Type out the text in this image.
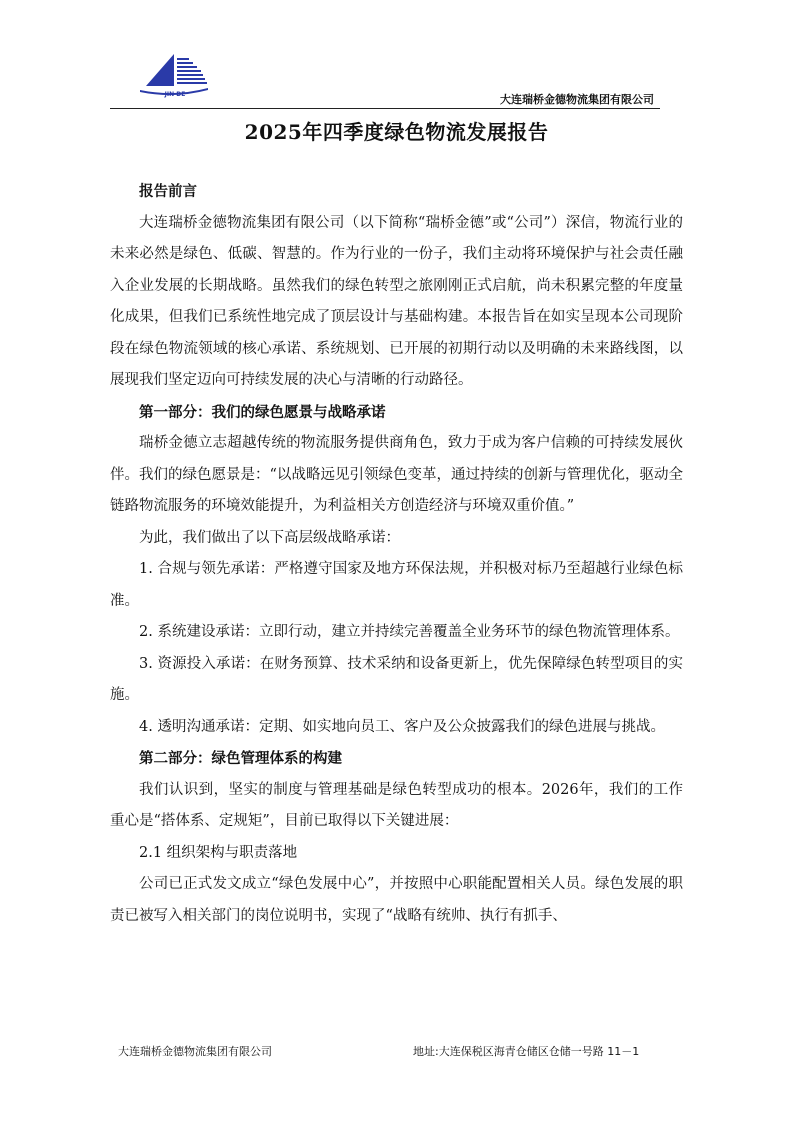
JIN DE	大连瑞桥金德物流集团有限公司
2025年四季度绿色物流发展报告

报告前言

大连瑞桥金德物流集团有限公司（以下简称“瑞桥金德”或“公司”）深信，物流行业的未来必然是绿色、低碳、智慧的。作为行业的一份子，我们主动将环境保护与社会责任融入企业发展的长期战略。虽然我们的绿色转型之旅刚刚正式启航，尚未积累完整的年度量化成果，但我们已系统性地完成了顶层设计与基础构建。本报告旨在如实呈现本公司现阶段在绿色物流领域的核心承诺、系统规划、已开展的初期行动以及明确的未来路线图，以展现我们坚定迈向可持续发展的决心与清晰的行动路径。

第一部分：我们的绿色愿景与战略承诺

瑞桥金德立志超越传统的物流服务提供商角色，致力于成为客户信赖的可持续发展伙伴。我们的绿色愿景是：“以战略远见引领绿色变革，通过持续的创新与管理优化，驱动全链路物流服务的环境效能提升，为利益相关方创造经济与环境双重价值。”

为此，我们做出了以下高层级战略承诺：

1. 合规与领先承诺：严格遵守国家及地方环保法规，并积极对标乃至超越行业绿色标准。

2. 系统建设承诺：立即行动，建立并持续完善覆盖全业务环节的绿色物流管理体系。

3. 资源投入承诺：在财务预算、技术采纳和设备更新上，优先保障绿色转型项目的实施。

4. 透明沟通承诺：定期、如实地向员工、客户及公众披露我们的绿色进展与挑战。

第二部分：绿色管理体系的构建

我们认识到，坚实的制度与管理基础是绿色转型成功的根本。2026年，我们的工作重心是“搭体系、定规矩”，目前已取得以下关键进展：

2.1 组织架构与职责落地

公司已正式发文成立“绿色发展中心”，并按照中心职能配置相关人员。绿色发展的职责已被写入相关部门的岗位说明书，实现了“战略有统帅、执行有抓手、

大连瑞桥金德物流集团有限公司	地址:大连保税区海青仓储区仓储一号路 11－1
